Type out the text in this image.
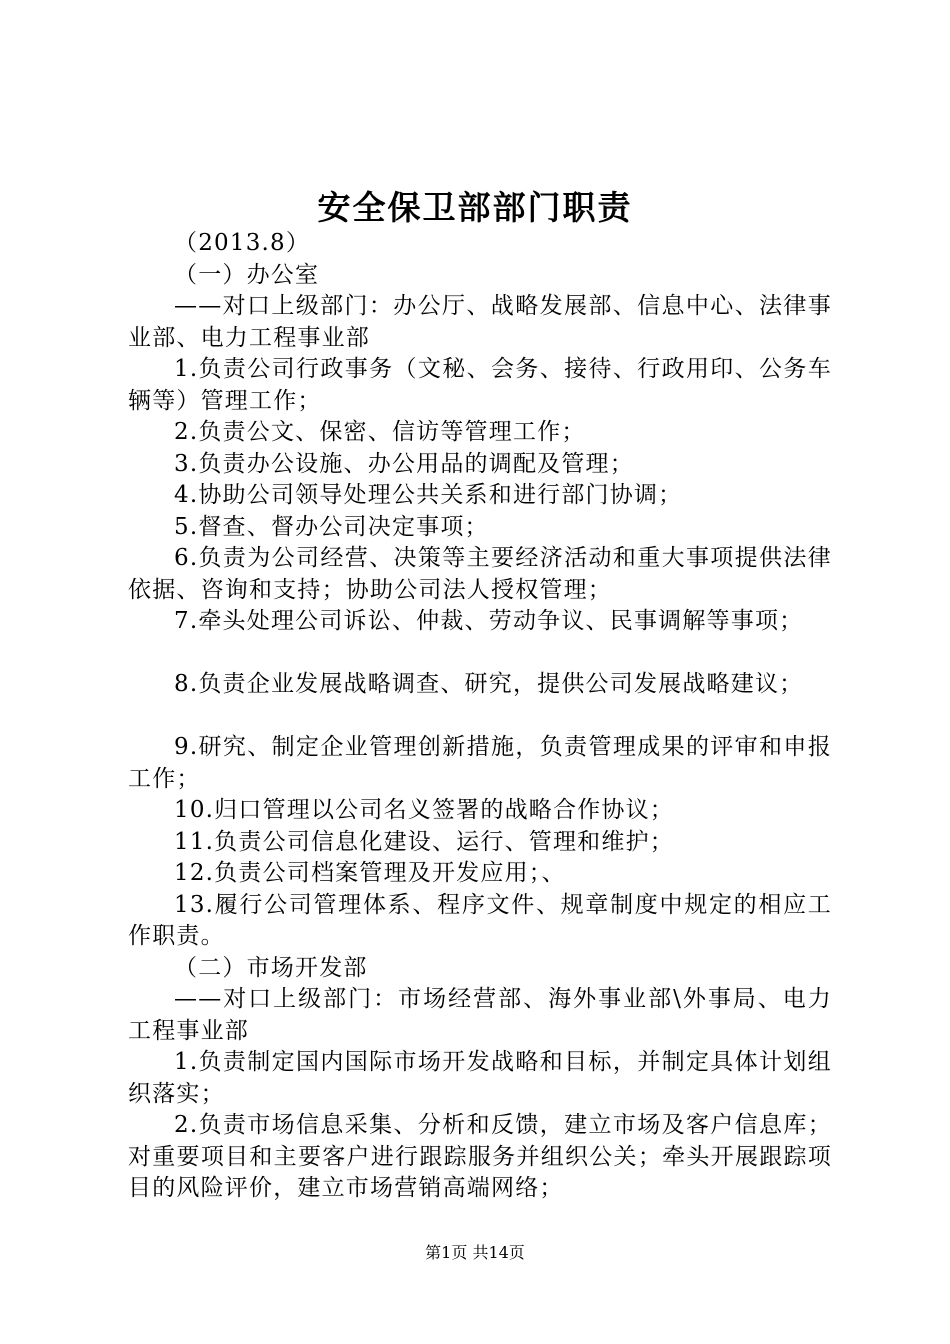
安全保卫部部门职责

（2013.8）

（一）办公室

——对口上级部门：办公厅、战略发展部、信息中心、法律事业部、电力工程事业部

1.负责公司行政事务（文秘、会务、接待、行政用印、公务车辆等）管理工作；

2.负责公文、保密、信访等管理工作；

3.负责办公设施、办公用品的调配及管理；

4.协助公司领导处理公共关系和进行部门协调；

5.督查、督办公司决定事项；

6.负责为公司经营、决策等主要经济活动和重大事项提供法律依据、咨询和支持；协助公司法人授权管理；

7.牵头处理公司诉讼、仲裁、劳动争议、民事调解等事项；

8.负责企业发展战略调查、研究，提供公司发展战略建议；

9.研究、制定企业管理创新措施，负责管理成果的评审和申报工作；

10.归口管理以公司名义签署的战略合作协议；

11.负责公司信息化建设、运行、管理和维护；

12.负责公司档案管理及开发应用；、

13.履行公司管理体系、程序文件、规章制度中规定的相应工作职责。

（二）市场开发部

——对口上级部门：市场经营部、海外事业部\外事局、电力工程事业部

1.负责制定国内国际市场开发战略和目标，并制定具体计划组织落实；

2.负责市场信息采集、分析和反馈，建立市场及客户信息库；对重要项目和主要客户进行跟踪服务并组织公关；牵头开展跟踪项目的风险评价，建立市场营销高端网络；

第1页 共14页
